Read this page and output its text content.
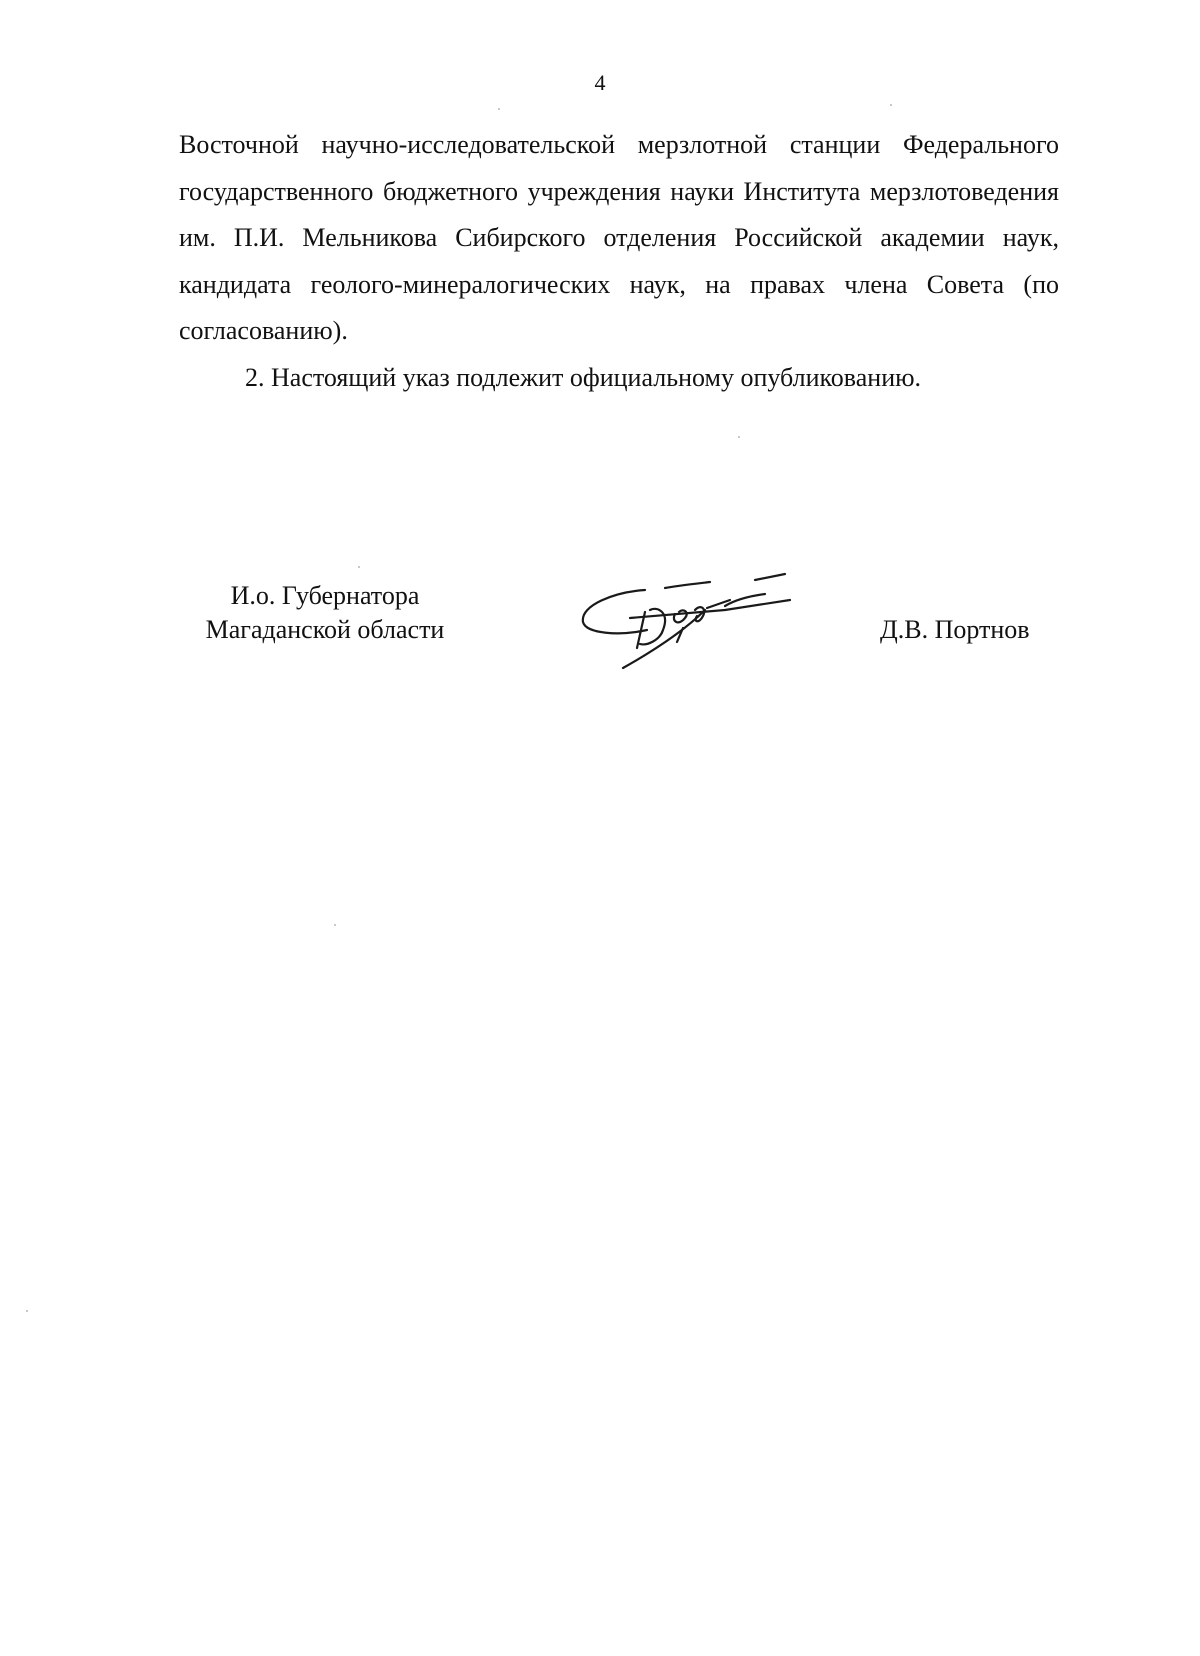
4

Восточной научно-исследовательской мерзлотной станции Федерального государственного бюджетного учреждения науки Института мерзлотоведения им. П.И. Мельникова Сибирского отделения Российской академии наук, кандидата геолого-минералогических наук, на правах члена Совета (по согласованию).

2. Настоящий указ подлежит официальному опубликованию.

И.о. Губернатора
Магаданской области	Д.В. Портнов
